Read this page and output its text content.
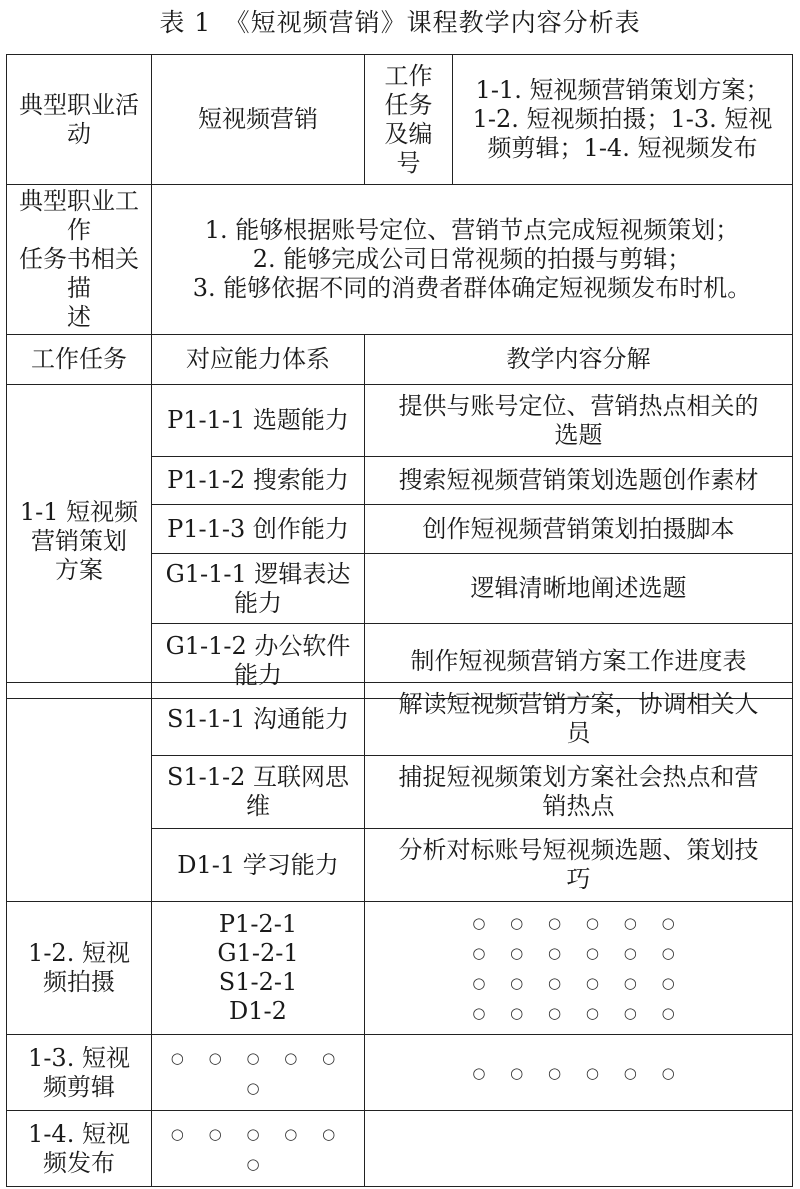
表 1　《短视频营销》课程教学内容分析表
典型职业活动	短视频营销	工作
任务
及编
号	1-1. 短视频营销策划方案；
1-2. 短视频拍摄；1-3. 短视
频剪辑；1-4. 短视频发布

典型职业工作
任务书相关描
述	1. 能够根据账号定位、营销节点完成短视频策划；
2. 能够完成公司日常视频的拍摄与剪辑；
3. 能够依据不同的消费者群体确定短视频发布时机。		

工作任务	对应能力体系	教学内容分解	

1-1 短视频
营销策划
方案	P1-1-1 选题能力	提供与账号定位、营销热点相关的
选题	

	P1-1-2 搜索能力	搜索短视频营销策划选题创作素材	

	P1-1-3 创作能力	创作短视频营销策划拍摄脚本	

	G1-1-1 逻辑表达
能力	逻辑清晰地阐述选题	

	G1-1-2 办公软件
能力	制作短视频营销方案工作进度表	

	S1-1-1 沟通能力	解读短视频营销方案，协调相关人
员

	S1-1-2 互联网思
维	捕捉短视频策划方案社会热点和营
销热点

	D1-1 学习能力	分析对标账号短视频选题、策划技
巧

1-2. 短视
频拍摄	P1-2-1
G1-2-1
S1-2-1
D1-2	○ ○ ○ ○ ○ ○
○ ○ ○ ○ ○ ○
○ ○ ○ ○ ○ ○
○ ○ ○ ○ ○ ○

1-3. 短视
频剪辑	○ ○ ○ ○ ○ ○	○ ○ ○ ○ ○ ○

1-4. 短视
频发布	○ ○ ○ ○ ○ ○	
